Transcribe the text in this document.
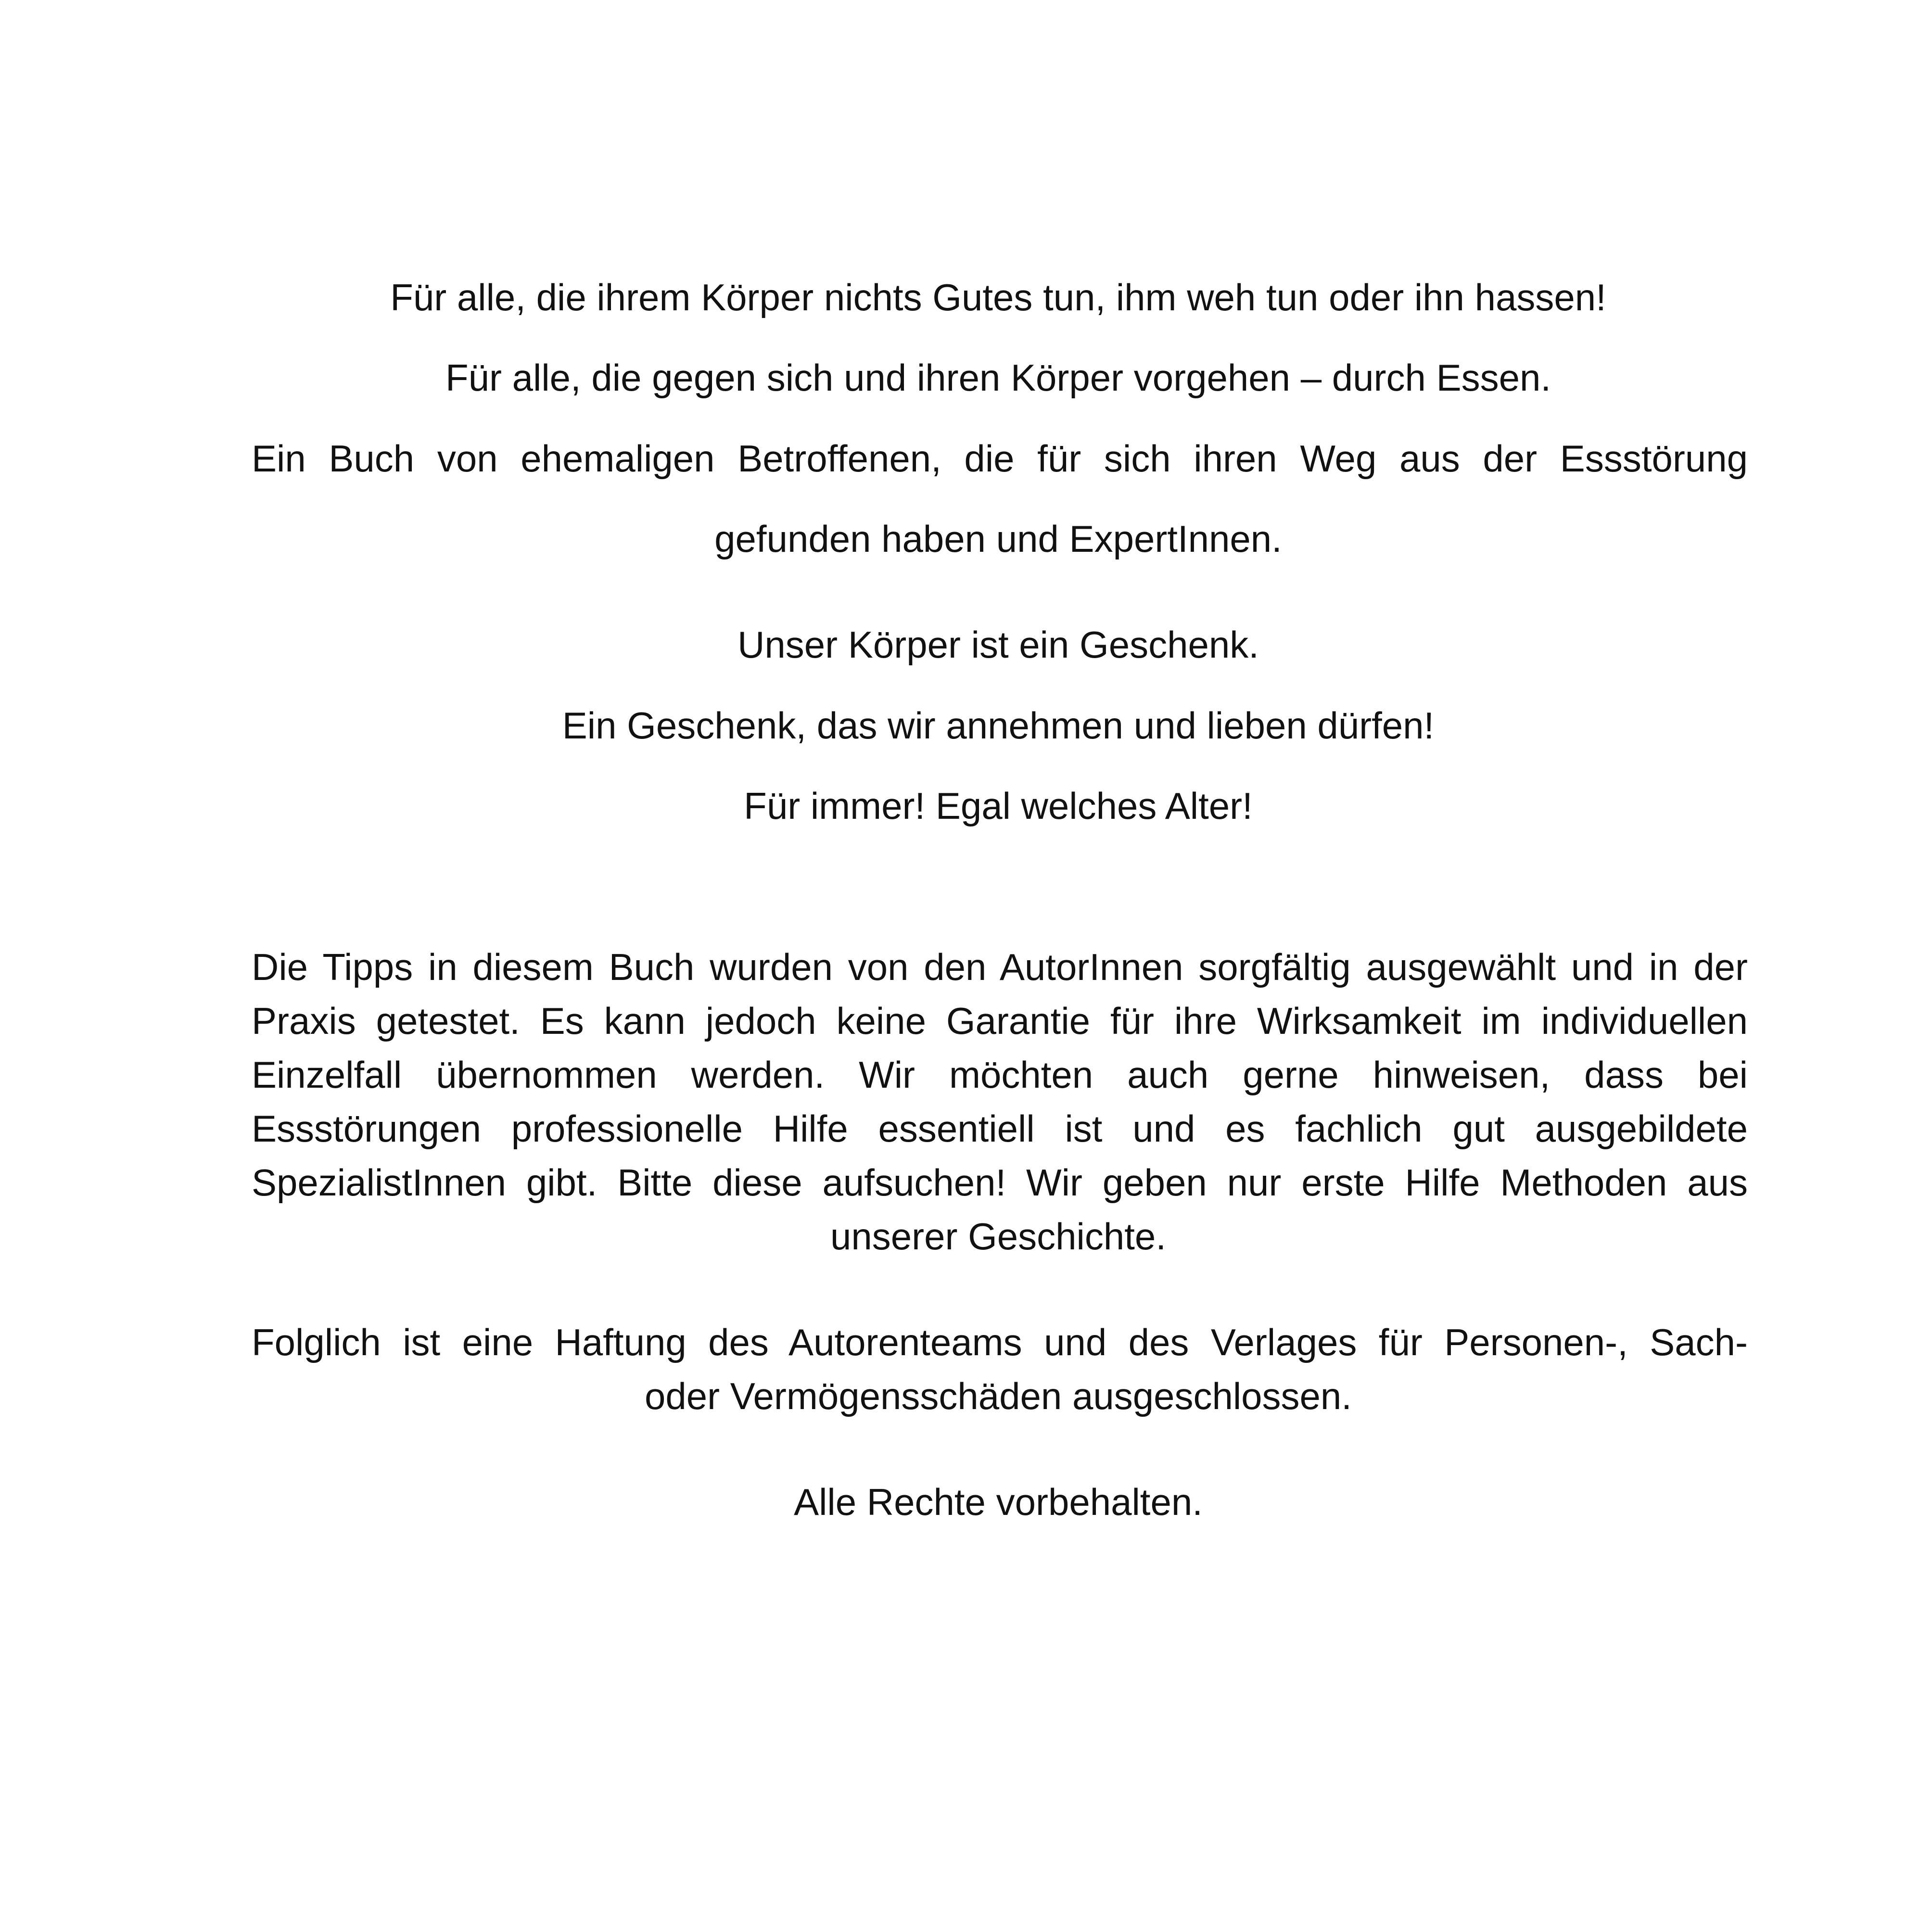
Für alle, die ihrem Körper nichts Gutes tun, ihm weh tun oder ihn hassen!
Für alle, die gegen sich und ihren Körper vorgehen – durch Essen.
Ein Buch von ehemaligen Betroffenen, die für sich ihren Weg aus der Essstörung
gefunden haben und ExpertInnen.
Unser Körper ist ein Geschenk.
Ein Geschenk, das wir annehmen und lieben dürfen!
Für immer! Egal welches Alter!
Die Tipps in diesem Buch wurden von den AutorInnen sorgfältig ausgewählt und in der
Praxis getestet. Es kann jedoch keine Garantie für ihre Wirksamkeit im individuellen
Einzelfall übernommen werden. Wir möchten auch gerne hinweisen, dass bei
Essstörungen professionelle Hilfe essentiell ist und es fachlich gut ausgebildete
SpezialistInnen gibt. Bitte diese aufsuchen! Wir geben nur erste Hilfe Methoden aus
unserer Geschichte.
Folglich ist eine Haftung des Autorenteams und des Verlages für Personen-, Sach-
oder Vermögensschäden ausgeschlossen.
Alle Rechte vorbehalten.
